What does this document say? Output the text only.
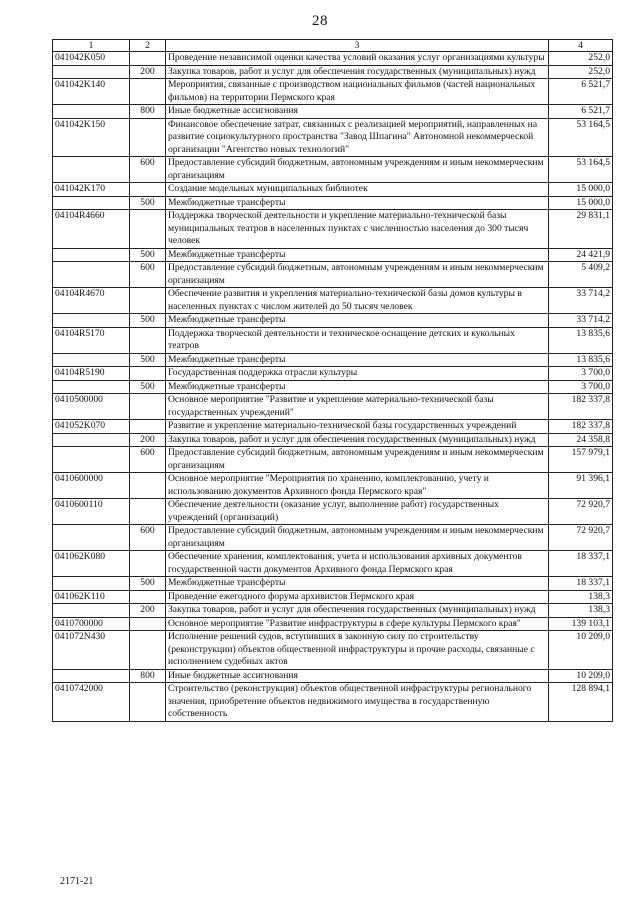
28
1	2	3	4
041042K050		Проведение независимой оценки качества условий оказания услуг организациями культуры	252,0
	200	Закупка товаров, работ и услуг для обеспечения государственных (муниципальных) нужд	252,0
041042K140		Мероприятия, связанные с производством национальных фильмов (частей национальных фильмов) на территории Пермского края	6 521,7
	800	Иные бюджетные ассигнования	6 521,7
041042K150		Финансовое обеспечение затрат, связанных с реализацией мероприятий, направленных на развитие социокультурного пространства "Завод Шпагина" Автономной некоммерческой организации "Агентство новых технологий"	53 164,5
	600	Предоставление субсидий бюджетным, автономным учреждениям и иным некоммерческим организациям	53 164,5
041042K170		Создание модельных муниципальных библиотек	15 000,0
	500	Межбюджетные трансферты	15 000,0
04104R4660		Поддержка творческой деятельности и укрепление материально-технической базы муниципальных театров в населенных пунктах с численностью населения до 300 тысяч человек	29 831,1
	500	Межбюджетные трансферты	24 421,9
	600	Предоставление субсидий бюджетным, автономным учреждениям и иным некоммерческим организациям	5 409,2
04104R4670		Обеспечение развития и укрепления материально-технической базы домов культуры в населенных пунктах с числом жителей до 50 тысяч человек	33 714,2
	500	Межбюджетные трансферты	33 714,2
04104R5170		Поддержка творческой деятельности и техническое оснащение детских и кукольных театров	13 835,6
	500	Межбюджетные трансферты	13 835,6
04104R5190		Государственная поддержка отрасли культуры	3 700,0
	500	Межбюджетные трансферты	3 700,0
0410500000		Основное мероприятие "Развитие и укрепление материально-технической базы государственных учреждений"	182 337,8
041052K070		Развитие и укрепление материально-технической базы государственных учреждений	182 337,8
	200	Закупка товаров, работ и услуг для обеспечения государственных (муниципальных) нужд	24 358,8
	600	Предоставление субсидий бюджетным, автономным учреждениям и иным некоммерческим организациям	157 979,1
0410600000		Основное мероприятие "Мероприятия по хранению, комплектованию, учету и использованию документов Архивного фонда Пермского края"	91 396,1
0410600110		Обеспечение деятельности (оказание услуг, выполнение работ) государственных учреждений (организаций)	72 920,7
	600	Предоставление субсидий бюджетным, автономным учреждениям и иным некоммерческим организациям	72 920,7
041062K080		Обеспечение хранения, комплектования, учета и использования архивных документов государственной части документов Архивного фонда Пермского края	18 337,1
	500	Межбюджетные трансферты	18 337,1
041062K110		Проведение ежегодного форума архивистов Пермского края	138,3
	200	Закупка товаров, работ и услуг для обеспечения государственных (муниципальных) нужд	138,3
0410700000		Основное мероприятие "Развитие инфраструктуры в сфере культуры Пермского края"	139 103,1
041072N430		Исполнение решений судов, вступивших в законную силу по строительству (реконструкции) объектов общественной инфраструктуры и прочие расходы, связанные с исполнением судебных актов	10 209,0
	800	Иные бюджетные ассигнования	10 209,0
0410742000		Строительство (реконструкция) объектов общественной инфраструктуры регионального значения, приобретение объектов недвижимого имущества в государственную собственность	128 894,1
2171-21
